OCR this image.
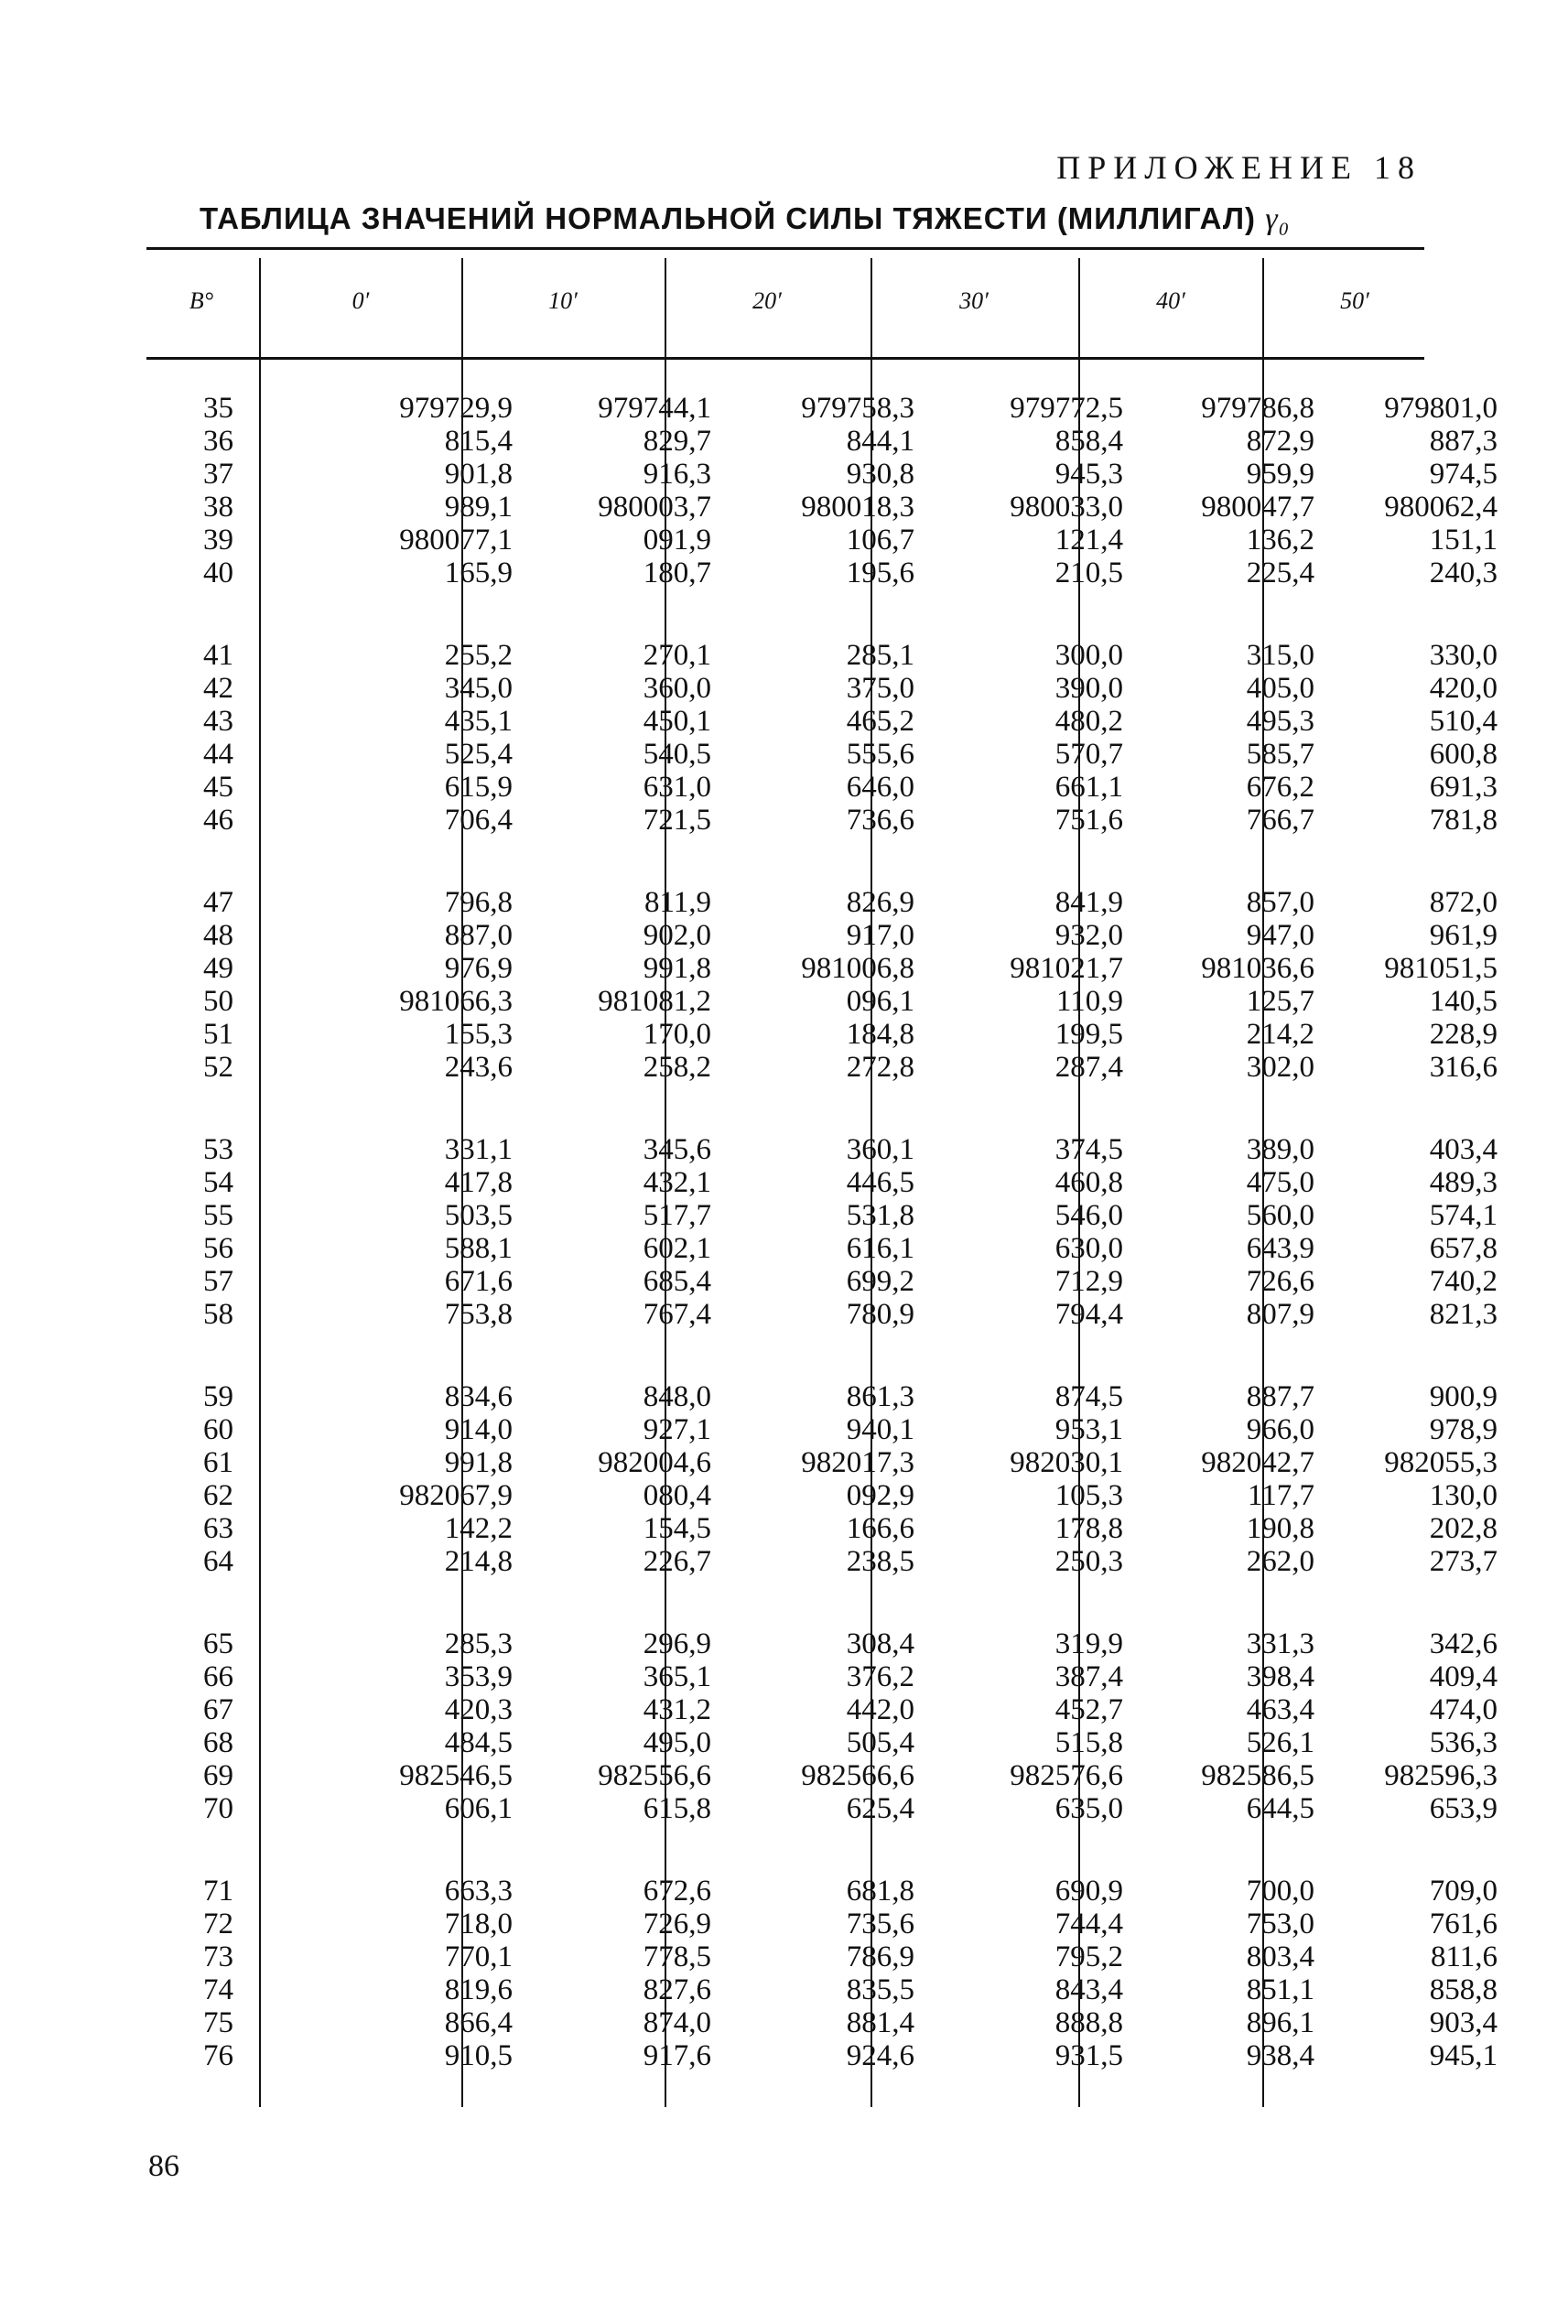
ПРИЛОЖЕНИЕ 18
ТАБЛИЦА ЗНАЧЕНИЙ НОРМАЛЬНОЙ СИЛЫ ТЯЖЕСТИ (МИЛЛИГАЛ) γ₀
B°	0′	10′	20′	30′	40′	50′
35	979729,9	979744,1	979758,3	979772,5	979786,8	979801,0
36	815,4	829,7	844,1	858,4	872,9	887,3
37	901,8	916,3	930,8	945,3	959,9	974,5
38	989,1	980003,7	980018,3	980033,0	980047,7	980062,4
39	980077,1	091,9	106,7	121,4	136,2	151,1
40	165,9	180,7	195,6	210,5	225,4	240,3

41	255,2	270,1	285,1	300,0	315,0	330,0
42	345,0	360,0	375,0	390,0	405,0	420,0
43	435,1	450,1	465,2	480,2	495,3	510,4
44	525,4	540,5	555,6	570,7	585,7	600,8
45	615,9	631,0	646,0	661,1	676,2	691,3
46	706,4	721,5	736,6	751,6	766,7	781,8

47	796,8	811,9	826,9	841,9	857,0	872,0
48	887,0	902,0	917,0	932,0	947,0	961,9
49	976,9	991,8	981006,8	981021,7	981036,6	981051,5
50	981066,3	981081,2	096,1	110,9	125,7	140,5
51	155,3	170,0	184,8	199,5	214,2	228,9
52	243,6	258,2	272,8	287,4	302,0	316,6

53	331,1	345,6	360,1	374,5	389,0	403,4
54	417,8	432,1	446,5	460,8	475,0	489,3
55	503,5	517,7	531,8	546,0	560,0	574,1
56	588,1	602,1	616,1	630,0	643,9	657,8
57	671,6	685,4	699,2	712,9	726,6	740,2
58	753,8	767,4	780,9	794,4	807,9	821,3

59	834,6	848,0	861,3	874,5	887,7	900,9
60	914,0	927,1	940,1	953,1	966,0	978,9
61	991,8	982004,6	982017,3	982030,1	982042,7	982055,3
62	982067,9	080,4	092,9	105,3	117,7	130,0
63	142,2	154,5	166,6	178,8	190,8	202,8
64	214,8	226,7	238,5	250,3	262,0	273,7

65	285,3	296,9	308,4	319,9	331,3	342,6
66	353,9	365,1	376,2	387,4	398,4	409,4
67	420,3	431,2	442,0	452,7	463,4	474,0
68	484,5	495,0	505,4	515,8	526,1	536,3
69	982546,5	982556,6	982566,6	982576,6	982586,5	982596,3
70	606,1	615,8	625,4	635,0	644,5	653,9

71	663,3	672,6	681,8	690,9	700,0	709,0
72	718,0	726,9	735,6	744,4	753,0	761,6
73	770,1	778,5	786,9	795,2	803,4	811,6
74	819,6	827,6	835,5	843,4	851,1	858,8
75	866,4	874,0	881,4	888,8	896,1	903,4
76	910,5	917,6	924,6	931,5	938,4	945,1
86
